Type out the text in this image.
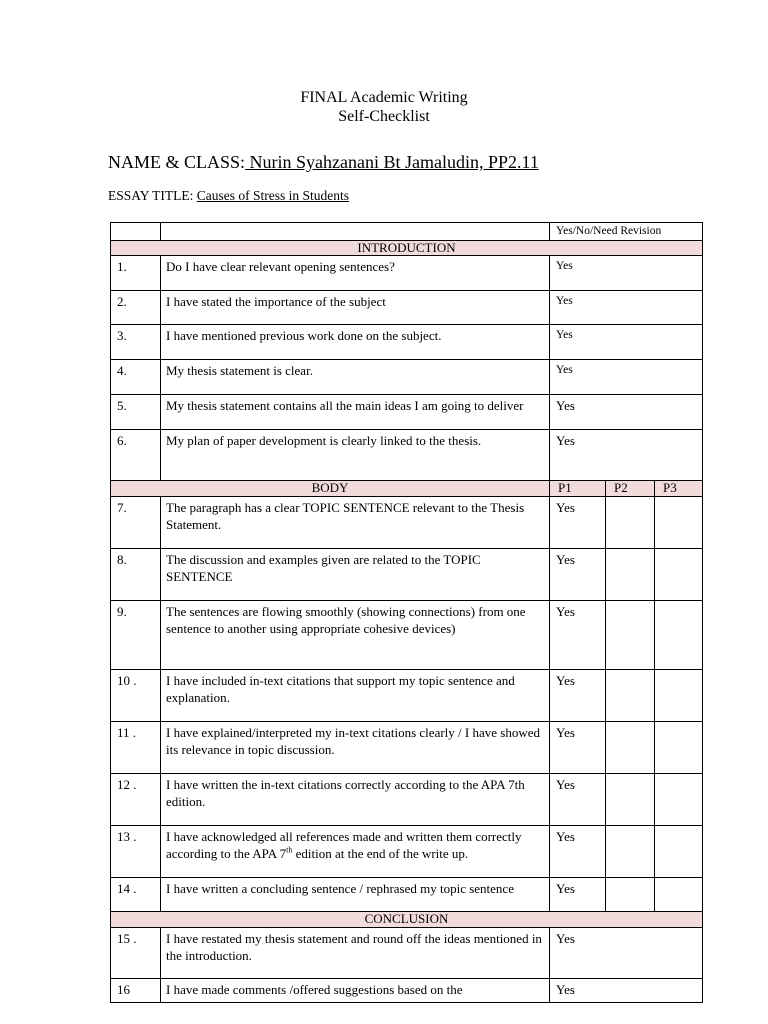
FINAL Academic Writing
Self-Checklist
NAME & CLASS: Nurin Syahzanani Bt Jamaludin, PP2.11
ESSAY TITLE: Causes of Stress in Students
		Yes/No/Need Revision		
INTRODUCTION				
1.	Do I have clear relevant opening sentences?	Yes		
2.	I have stated the importance of the subject	Yes		
3.	I have mentioned previous work done on the subject.	Yes		
4.	My thesis statement is clear.	Yes		
5.	My thesis statement contains all the main ideas I am going to deliver	Yes		
6.	My plan of paper development is clearly linked to the thesis.	Yes		
BODY		P1	P2	P3
7.	The paragraph has a clear TOPIC SENTENCE relevant to the Thesis Statement.	Yes		
8.	The discussion and examples given are related to the TOPIC SENTENCE	Yes		
9.	The sentences are flowing smoothly (showing connections) from one sentence to another using appropriate cohesive devices)	Yes		
10 .	I have included in-text citations that support my topic sentence and explanation.	Yes		
11 .	I have explained/interpreted my in-text citations clearly / I have showed its relevance in topic discussion.	Yes		
12 .	I have written the in-text citations correctly according to the APA 7th edition.	Yes		
13 .	I have acknowledged all references made and written them correctly according to the APA 7th edition at the end of the write up.	Yes		
14 .	I have written a concluding sentence / rephrased my topic sentence	Yes		
CONCLUSION				
15 .	I have restated my thesis statement and round off the ideas mentioned in the introduction.	Yes		
16	I have made comments /offered suggestions based on the	Yes		
